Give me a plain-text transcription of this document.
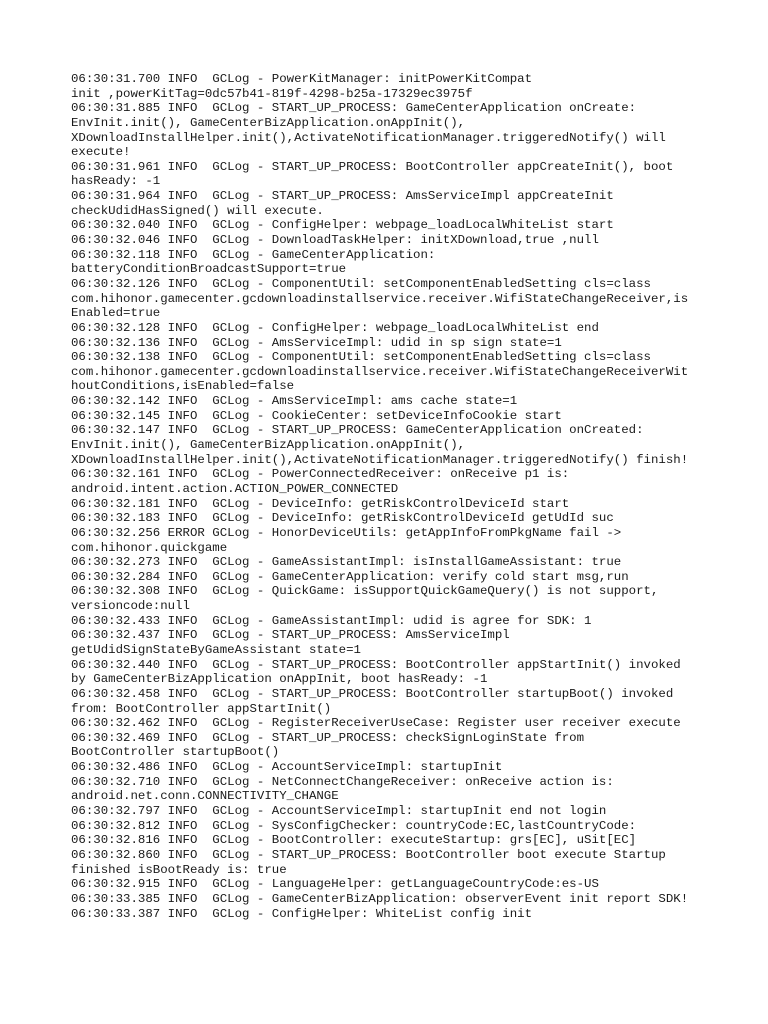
06:30:31.700 INFO  GCLog - PowerKitManager: initPowerKitCompat
init ,powerKitTag=0dc57b41-819f-4298-b25a-17329ec3975f
06:30:31.885 INFO  GCLog - START_UP_PROCESS: GameCenterApplication onCreate:
EnvInit.init(), GameCenterBizApplication.onAppInit(),
XDownloadInstallHelper.init(),ActivateNotificationManager.triggeredNotify() will
execute!
06:30:31.961 INFO  GCLog - START_UP_PROCESS: BootController appCreateInit(), boot
hasReady: -1
06:30:31.964 INFO  GCLog - START_UP_PROCESS: AmsServiceImpl appCreateInit
checkUdidHasSigned() will execute.
06:30:32.040 INFO  GCLog - ConfigHelper: webpage_loadLocalWhiteList start
06:30:32.046 INFO  GCLog - DownloadTaskHelper: initXDownload,true ,null
06:30:32.118 INFO  GCLog - GameCenterApplication:
batteryConditionBroadcastSupport=true
06:30:32.126 INFO  GCLog - ComponentUtil: setComponentEnabledSetting cls=class
com.hihonor.gamecenter.gcdownloadinstallservice.receiver.WifiStateChangeReceiver,is
Enabled=true
06:30:32.128 INFO  GCLog - ConfigHelper: webpage_loadLocalWhiteList end
06:30:32.136 INFO  GCLog - AmsServiceImpl: udid in sp sign state=1
06:30:32.138 INFO  GCLog - ComponentUtil: setComponentEnabledSetting cls=class
com.hihonor.gamecenter.gcdownloadinstallservice.receiver.WifiStateChangeReceiverWit
houtConditions,isEnabled=false
06:30:32.142 INFO  GCLog - AmsServiceImpl: ams cache state=1
06:30:32.145 INFO  GCLog - CookieCenter: setDeviceInfoCookie start
06:30:32.147 INFO  GCLog - START_UP_PROCESS: GameCenterApplication onCreated:
EnvInit.init(), GameCenterBizApplication.onAppInit(),
XDownloadInstallHelper.init(),ActivateNotificationManager.triggeredNotify() finish!
06:30:32.161 INFO  GCLog - PowerConnectedReceiver: onReceive p1 is:
android.intent.action.ACTION_POWER_CONNECTED
06:30:32.181 INFO  GCLog - DeviceInfo: getRiskControlDeviceId start
06:30:32.183 INFO  GCLog - DeviceInfo: getRiskControlDeviceId getUdId suc
06:30:32.256 ERROR GCLog - HonorDeviceUtils: getAppInfoFromPkgName fail ->
com.hihonor.quickgame
06:30:32.273 INFO  GCLog - GameAssistantImpl: isInstallGameAssistant: true
06:30:32.284 INFO  GCLog - GameCenterApplication: verify cold start msg,run
06:30:32.308 INFO  GCLog - QuickGame: isSupportQuickGameQuery() is not support,
versioncode:null
06:30:32.433 INFO  GCLog - GameAssistantImpl: udid is agree for SDK: 1
06:30:32.437 INFO  GCLog - START_UP_PROCESS: AmsServiceImpl
getUdidSignStateByGameAssistant state=1
06:30:32.440 INFO  GCLog - START_UP_PROCESS: BootController appStartInit() invoked
by GameCenterBizApplication onAppInit, boot hasReady: -1
06:30:32.458 INFO  GCLog - START_UP_PROCESS: BootController startupBoot() invoked
from: BootController appStartInit()
06:30:32.462 INFO  GCLog - RegisterReceiverUseCase: Register user receiver execute
06:30:32.469 INFO  GCLog - START_UP_PROCESS: checkSignLoginState from
BootController startupBoot()
06:30:32.486 INFO  GCLog - AccountServiceImpl: startupInit
06:30:32.710 INFO  GCLog - NetConnectChangeReceiver: onReceive action is:
android.net.conn.CONNECTIVITY_CHANGE
06:30:32.797 INFO  GCLog - AccountServiceImpl: startupInit end not login
06:30:32.812 INFO  GCLog - SysConfigChecker: countryCode:EC,lastCountryCode:
06:30:32.816 INFO  GCLog - BootController: executeStartup: grs[EC], uSit[EC]
06:30:32.860 INFO  GCLog - START_UP_PROCESS: BootController boot execute Startup
finished isBootReady is: true
06:30:32.915 INFO  GCLog - LanguageHelper: getLanguageCountryCode:es-US
06:30:33.385 INFO  GCLog - GameCenterBizApplication: observerEvent init report SDK!
06:30:33.387 INFO  GCLog - ConfigHelper: WhiteList config init
